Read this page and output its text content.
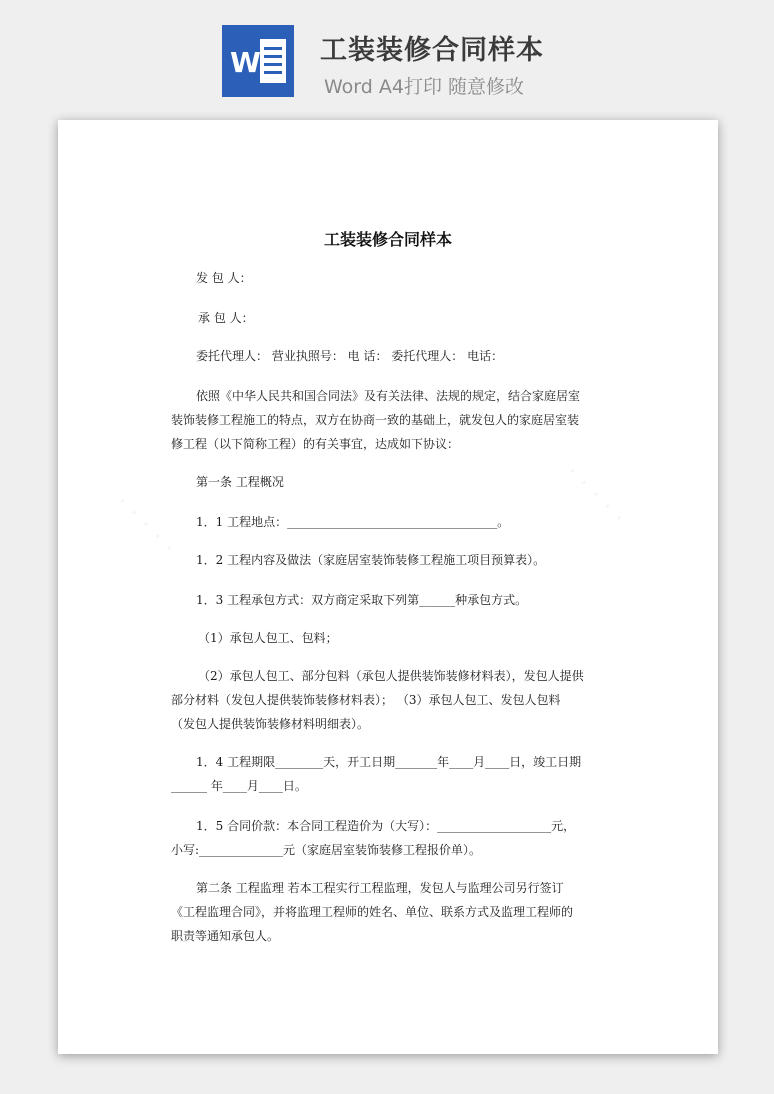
W 工装装修合同样本
Word A4打印 随意修改
· · · · ·	· · · · ·
工装装修合同样本
发 包 人：
承 包 人：
委托代理人： 营业执照号： 电 话： 委托代理人： 电话：
依照《中华人民共和国合同法》及有关法律、法规的规定，结合家庭居室
装饰装修工程施工的特点，双方在协商一致的基础上，就发包人的家庭居室装
修工程（以下简称工程）的有关事宜，达成如下协议：
第一条 工程概况
1．1 工程地点：___________________________________。
1．2 工程内容及做法（家庭居室装饰装修工程施工项目预算表）。
1．3 工程承包方式：双方商定采取下列第______种承包方式。
（1）承包人包工、包料；
（2）承包人包工、部分包料（承包人提供装饰装修材料表），发包人提供
部分材料（发包人提供装饰装修材料表）； （3）承包人包工、发包人包料
（发包人提供装饰装修材料明细表）。
1．4 工程期限________天，开工日期_______年____月____日，竣工日期
______ 年____月____日。
1．5 合同价款：本合同工程造价为（大写）：___________________元，
小写:______________元（家庭居室装饰装修工程报价单）。
第二条 工程监理 若本工程实行工程监理，发包人与监理公司另行签订
《工程监理合同》，并将监理工程师的姓名、单位、联系方式及监理工程师的
职责等通知承包人。
